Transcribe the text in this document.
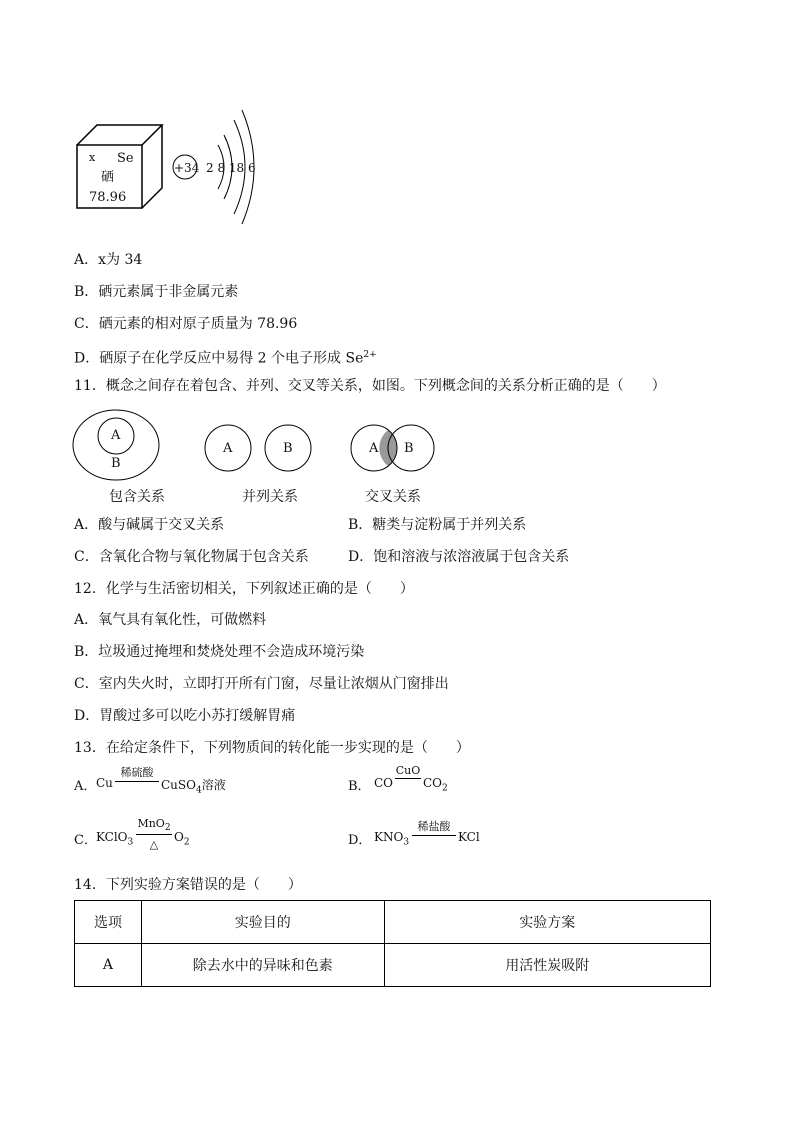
x Se
硒
78.96
+34 2 8 18 6
A．x为 34
B．硒元素属于非金属元素
C．硒元素的相对原子质量为 78.96
D．硒原子在化学反应中易得 2 个电子形成 $Se^{2+}$
11．概念之间存在着包含、并列、交叉等关系，如图。下列概念间的关系分析正确的是（　　）
A
B
A	B	A B
包含关系	并列关系	交叉关系
A．酸与碱属于交叉关系	B．糖类与淀粉属于并列关系
C．含氧化合物与氧化物属于包含关系	D．饱和溶液与浓溶液属于包含关系
12．化学与生活密切相关，下列叙述正确的是（　　）
A．氧气具有氧化性，可做燃料
B．垃圾通过掩埋和焚烧处理不会造成环境污染
C．室内失火时，立即打开所有门窗，尽量让浓烟从门窗排出
D．胃酸过多可以吃小苏打缓解胃痛
13．在给定条件下，下列物质间的转化能一步实现的是（　　）
A． Cu
稀硫酸
CuSO$_4$溶液	B． CO
CuO
$CO_2$
C． KClO$_3$
MnO$_2$
△
$O_2$	D． $KNO_3$
稀盐酸
KCl
14．下列实验方案错误的是（　　）
选项	实验目的	实验方案
A	除去水中的异味和色素	用活性炭吸附
